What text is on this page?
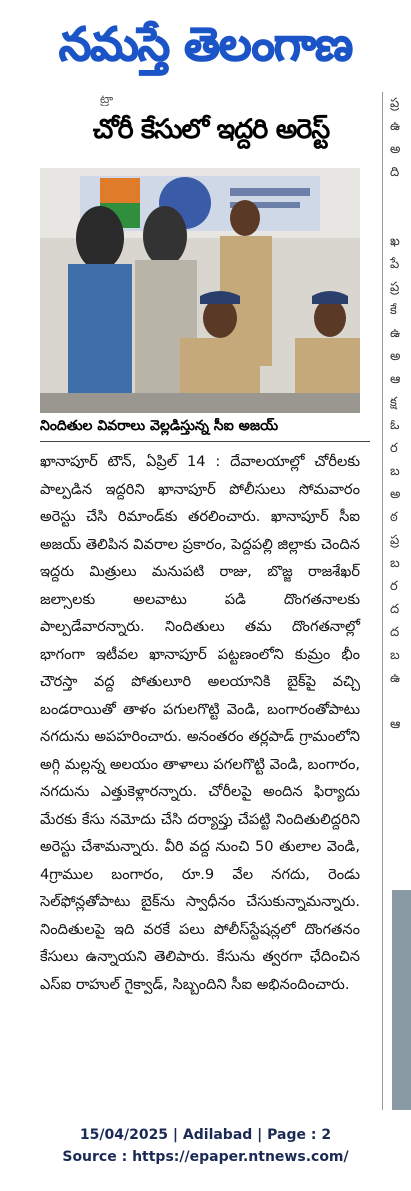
నమస్తే తెలంగాణ
ట్రా
చోరీ కేసులో ఇద్దరి అరెస్ట్
నిందితుల వివరాలు వెల్లడిస్తున్న సీఐ అజయ్
ఖానాపూర్ టౌన్, ఏప్రిల్ 14 : దేవాలయాల్లో చోరీలకు పాల్పడిన ఇద్దరిని ఖానాపూర్ పోలీసులు సోమవారం అరెస్టు చేసి రిమాండ్‌కు తరలించారు. ఖానాపూర్ సీఐ అజయ్ తెలిపిన వివరాల ప్రకారం, పెద్దపల్లి జిల్లాకు చెందిన ఇద్దరు మిత్రులు మనుపటి రాజు, బొజ్జ రాజశేఖర్ జల్సాలకు అలవాటు పడి దొంగతనాలకు పాల్పడేవారన్నారు. నిందితులు తమ దొంగతనాల్లో భాగంగా ఇటీవల ఖానాపూర్ పట్టణంలోని కుమ్రం భీం చౌరస్తా వద్ద పోతులూరి అలయానికి బైక్‌పై వచ్చి బండరాయితో తాళం పగులగొట్టి వెండి, బంగారంతోపాటు నగదును అపహరించారు. అనంతరం తర్లపాడ్ గ్రామంలోని అగ్గి మల్లన్న అలయం తాళాలు పగలగొట్టి వెండి, బంగారం, నగదును ఎత్తుకెళ్లారన్నారు. చోరీలపై అందిన ఫిర్యాదు మేరకు కేసు నమోదు చేసి దర్యాప్తు చేపట్టి నిందితులిద్దరిని అరెస్టు చేశామన్నారు. వీరి వద్ద నుంచి 50 తులాల వెండి, 4గ్రాముల బంగారం, రూ.9 వేల నగదు, రెండు సెల్‌ఫోన్లతోపాటు బైక్‌ను స్వాధీనం చేసుకున్నామన్నారు. నిందితులపై ఇది వరకే పలు పోలీస్‌స్టేషన్లలో దొంగతనం కేసులు ఉన్నాయని తెలిపారు. కేసును త్వరగా ఛేదించిన ఎస్ఐ రాహుల్ గైక్వాడ్, సిబ్బందిని సీఐ అభినందించారు.
ప్ర
ఉ
అ
ది

ఖ
పే
ప్ర
కే
ఉ
అ
ఆ
క్ష
ఓ
ర
బ
అ
ఠ
ప్ర
బ
ర
ద
ద
బ
ఉ

ఆ
15/04/2025 | Adilabad | Page : 2
Source : https://epaper.ntnews.com/
